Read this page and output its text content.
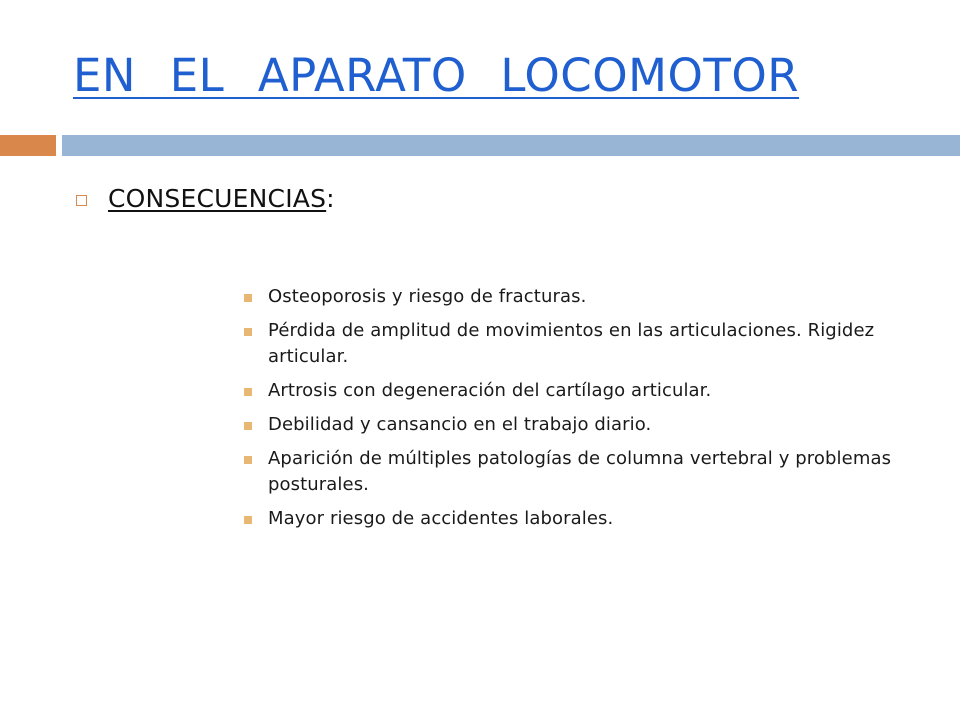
EN  EL  APARATO  LOCOMOTOR
CONSECUENCIAS:
Osteoporosis y riesgo de fracturas.
Pérdida de amplitud de movimientos en las articulaciones. Rigidez articular.
Artrosis con degeneración del cartílago articular.
Debilidad y cansancio en el trabajo diario.
Aparición de múltiples patologías de columna vertebral y problemas posturales.
Mayor riesgo de accidentes laborales.
